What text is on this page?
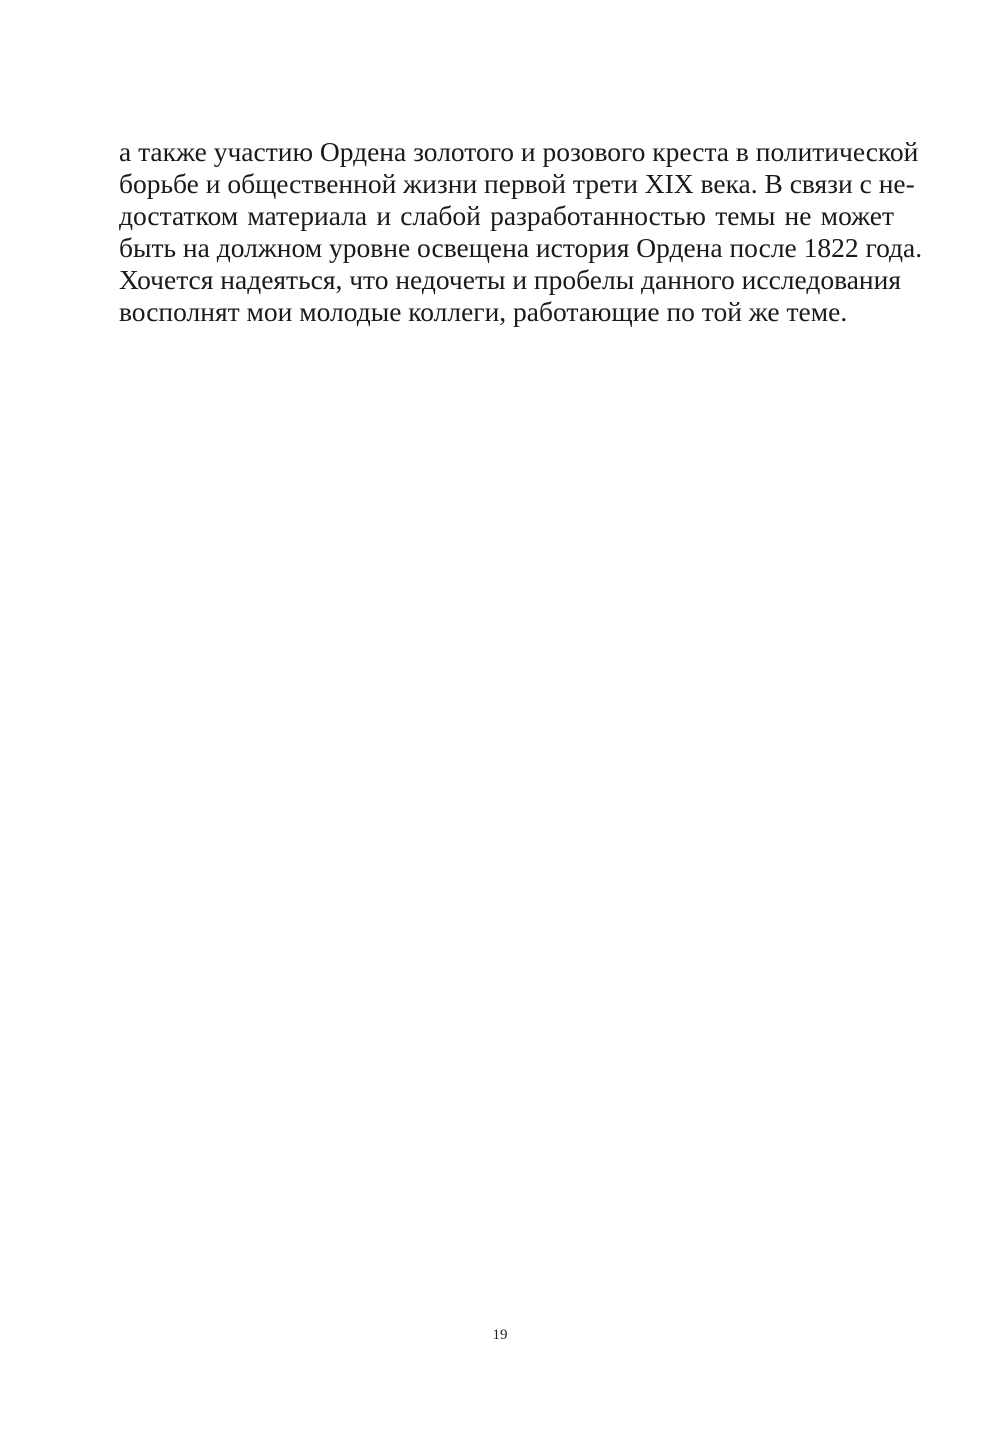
а также участию Ордена золотого и розового креста в политической
борьбе и общественной жизни первой трети XIX века. В связи с не-
достатком материала и слабой разработанностью темы не может
быть на должном уровне освещена история Ордена после 1822 года.
Хочется надеяться, что недочеты и пробелы данного исследования
восполнят мои молодые коллеги, работающие по той же теме.
19
